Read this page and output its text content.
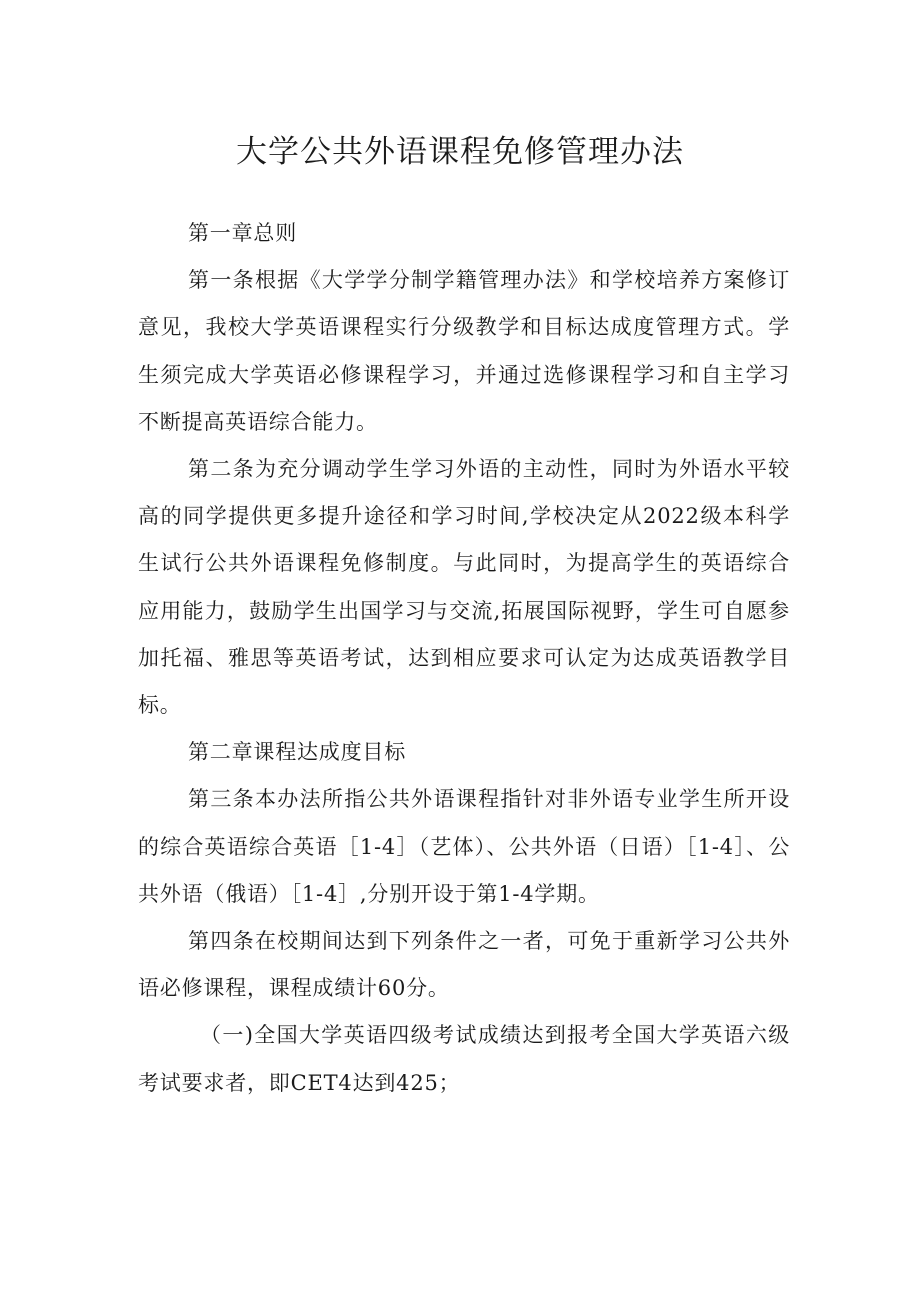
大学公共外语课程免修管理办法

第一章总则

第一条根据《大学学分制学籍管理办法》和学校培养方案修订意见，我校大学英语课程实行分级教学和目标达成度管理方式。学生须完成大学英语必修课程学习，并通过选修课程学习和自主学习不断提高英语综合能力。

第二条为充分调动学生学习外语的主动性，同时为外语水平较高的同学提供更多提升途径和学习时间,学校决定从2022级本科学生试行公共外语课程免修制度。与此同时，为提高学生的英语综合应用能力，鼓励学生出国学习与交流,拓展国际视野，学生可自愿参加托福、雅思等英语考试，达到相应要求可认定为达成英语教学目标。

第二章课程达成度目标

第三条本办法所指公共外语课程指针对非外语专业学生所开设的综合英语综合英语［1-4］（艺体）、公共外语（日语）［1-4］、公共外语（俄语）［1-4］,分别开设于第1-4学期。

第四条在校期间达到下列条件之一者，可免于重新学习公共外语必修课程，课程成绩计60分。

（一)全国大学英语四级考试成绩达到报考全国大学英语六级考试要求者，即CET4达到425；
